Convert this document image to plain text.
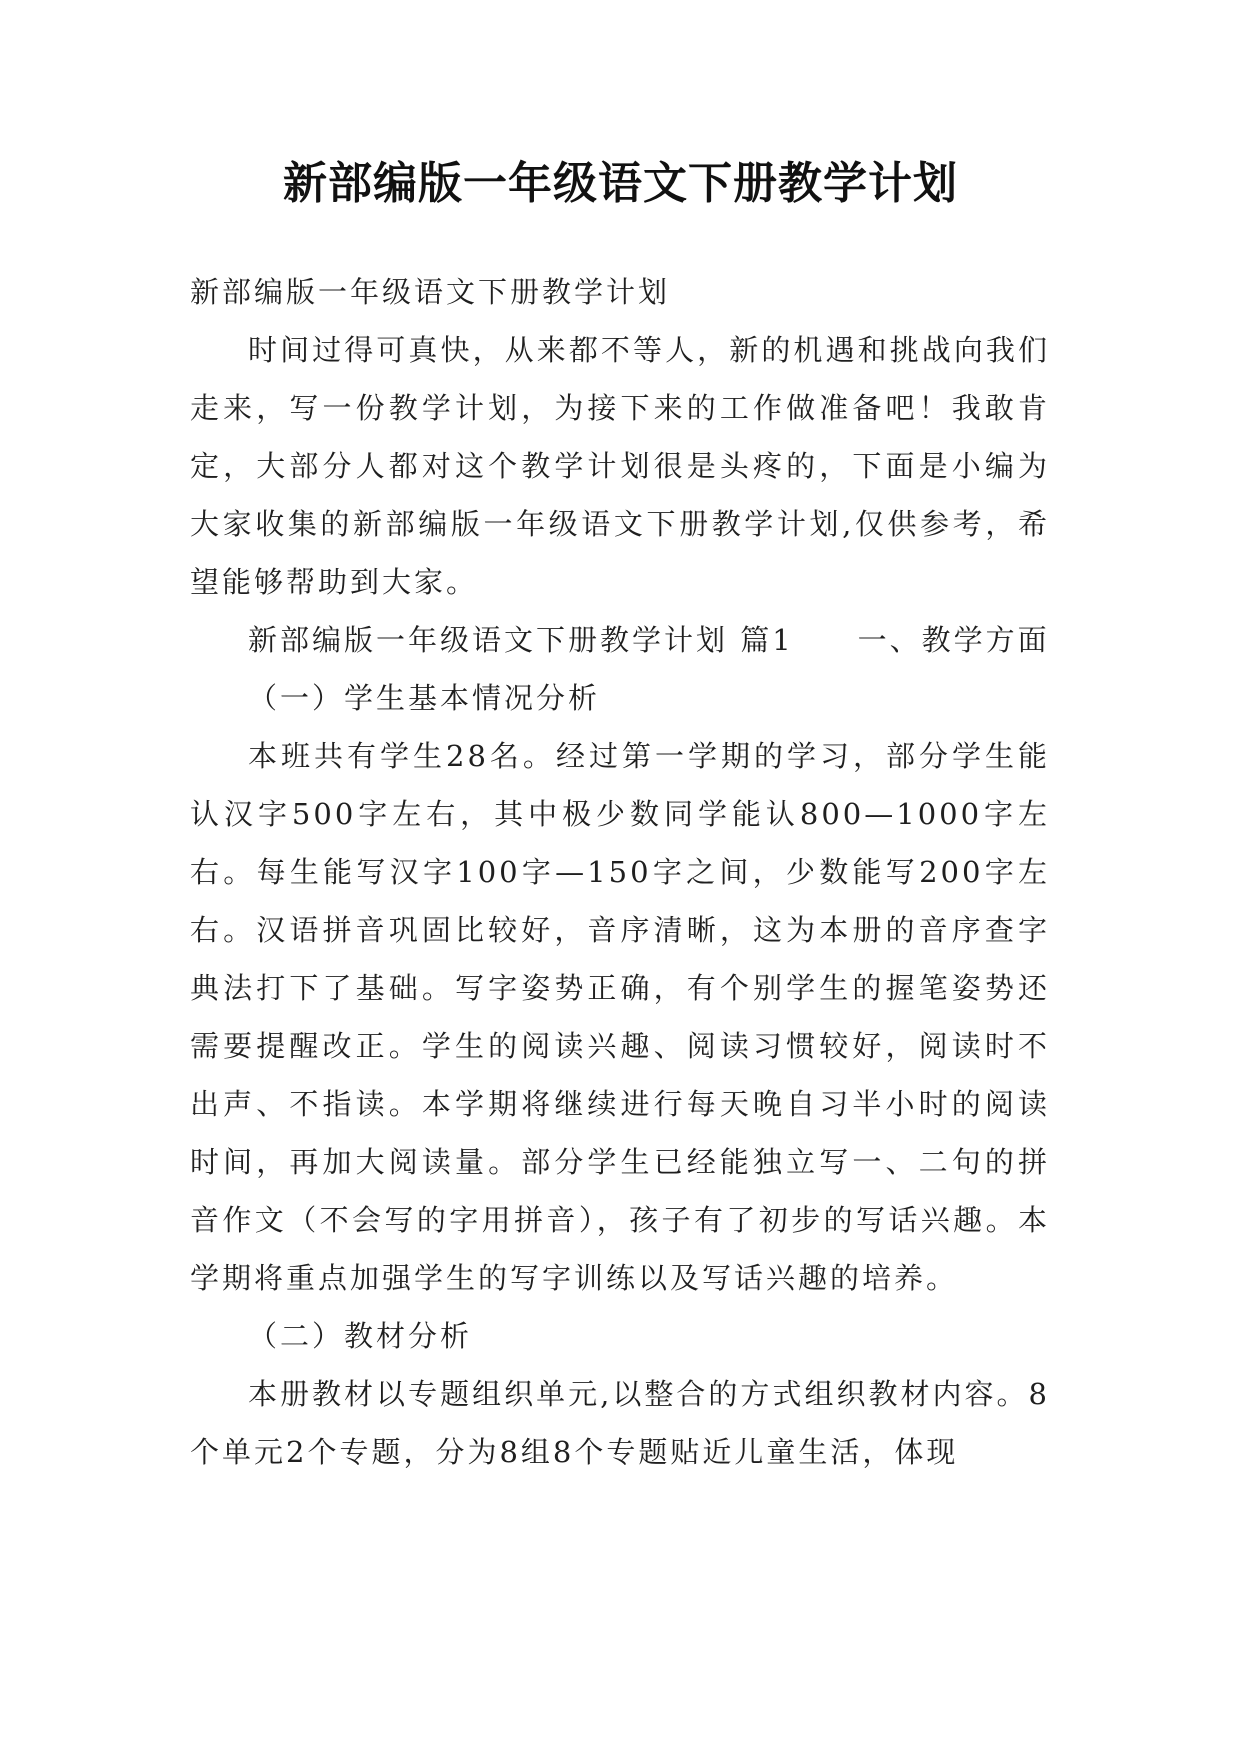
新部编版一年级语文下册教学计划

新部编版一年级语文下册教学计划

时间过得可真快，从来都不等人，新的机遇和挑战向我们走来，写一份教学计划，为接下来的工作做准备吧！我敢肯定，大部分人都对这个教学计划很是头疼的，下面是小编为大家收集的新部编版一年级语文下册教学计划,仅供参考，希望能够帮助到大家。

新部编版一年级语文下册教学计划 篇1　　一、教学方面

（一）学生基本情况分析

本班共有学生28名。经过第一学期的学习，部分学生能认汉字500字左右，其中极少数同学能认800—1000字左右。每生能写汉字100字—150字之间，少数能写200字左右。汉语拼音巩固比较好，音序清晰，这为本册的音序查字典法打下了基础。写字姿势正确，有个别学生的握笔姿势还需要提醒改正。学生的阅读兴趣、阅读习惯较好，阅读时不出声、不指读。本学期将继续进行每天晚自习半小时的阅读时间，再加大阅读量。部分学生已经能独立写一、二句的拼音作文（不会写的字用拼音），孩子有了初步的写话兴趣。本学期将重点加强学生的写字训练以及写话兴趣的培养。

（二）教材分析

本册教材以专题组织单元,以整合的方式组织教材内容。8个单元2个专题，分为8组8个专题贴近儿童生活，体现
